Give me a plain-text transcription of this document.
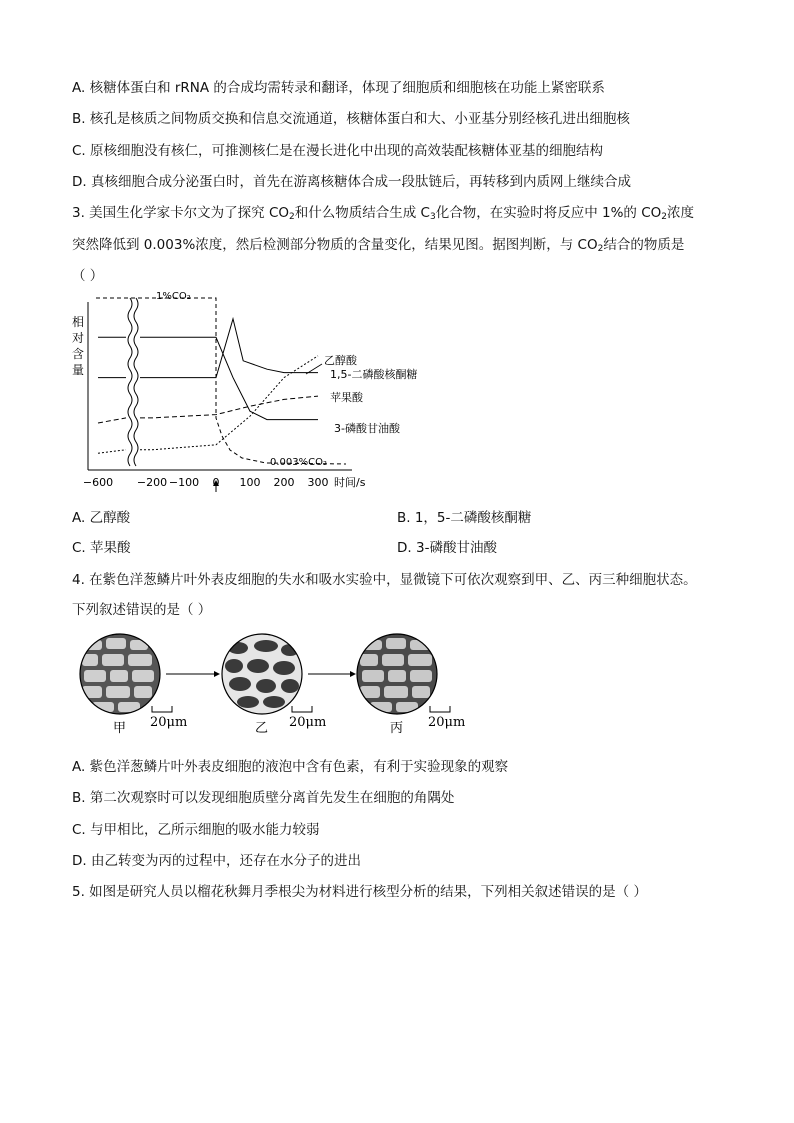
A. 核糖体蛋白和 rRNA 的合成均需转录和翻译，体现了细胞质和细胞核在功能上紧密联系
B. 核孔是核质之间物质交换和信息交流通道，核糖体蛋白和大、小亚基分别经核孔进出细胞核
C. 原核细胞没有核仁，可推测核仁是在漫长进化中出现的高效装配核糖体亚基的细胞结构
D. 真核细胞合成分泌蛋白时，首先在游离核糖体合成一段肽链后，再转移到内质网上继续合成
3. 美国生化学家卡尔文为了探究 $CO_2$和什么物质结合生成 $C_3$化合物，在实验时将反应中 1%的 $CO_2$浓度
突然降低到 0.003%浓度，然后检测部分物质的含量变化，结果见图。据图判断，与 $CO_2$结合的物质是
（ ）
相
对
含
量
1%CO₂
0.003%CO₂
乙醇酸
1,5-二磷酸核酮糖
苹果酸
3-磷酸甘油酸
−600 −200 −100 0 100 200 300 时间/s
A. 乙醇酸	B. 1，5-二磷酸核酮糖
C. 苹果酸	D. 3-磷酸甘油酸
4. 在紫色洋葱鳞片叶外表皮细胞的失水和吸水实验中，显微镜下可依次观察到甲、乙、丙三种细胞状态。
下列叙述错误的是（ ）
20μm	20μm	20μm
甲	乙	丙
A. 紫色洋葱鳞片叶外表皮细胞的液泡中含有色素，有利于实验现象的观察
B. 第二次观察时可以发现细胞质壁分离首先发生在细胞的角隅处
C. 与甲相比，乙所示细胞的吸水能力较弱
D. 由乙转变为丙的过程中，还存在水分子的进出
5. 如图是研究人员以榴花秋舞月季根尖为材料进行核型分析的结果，下列相关叙述错误的是（ ）
